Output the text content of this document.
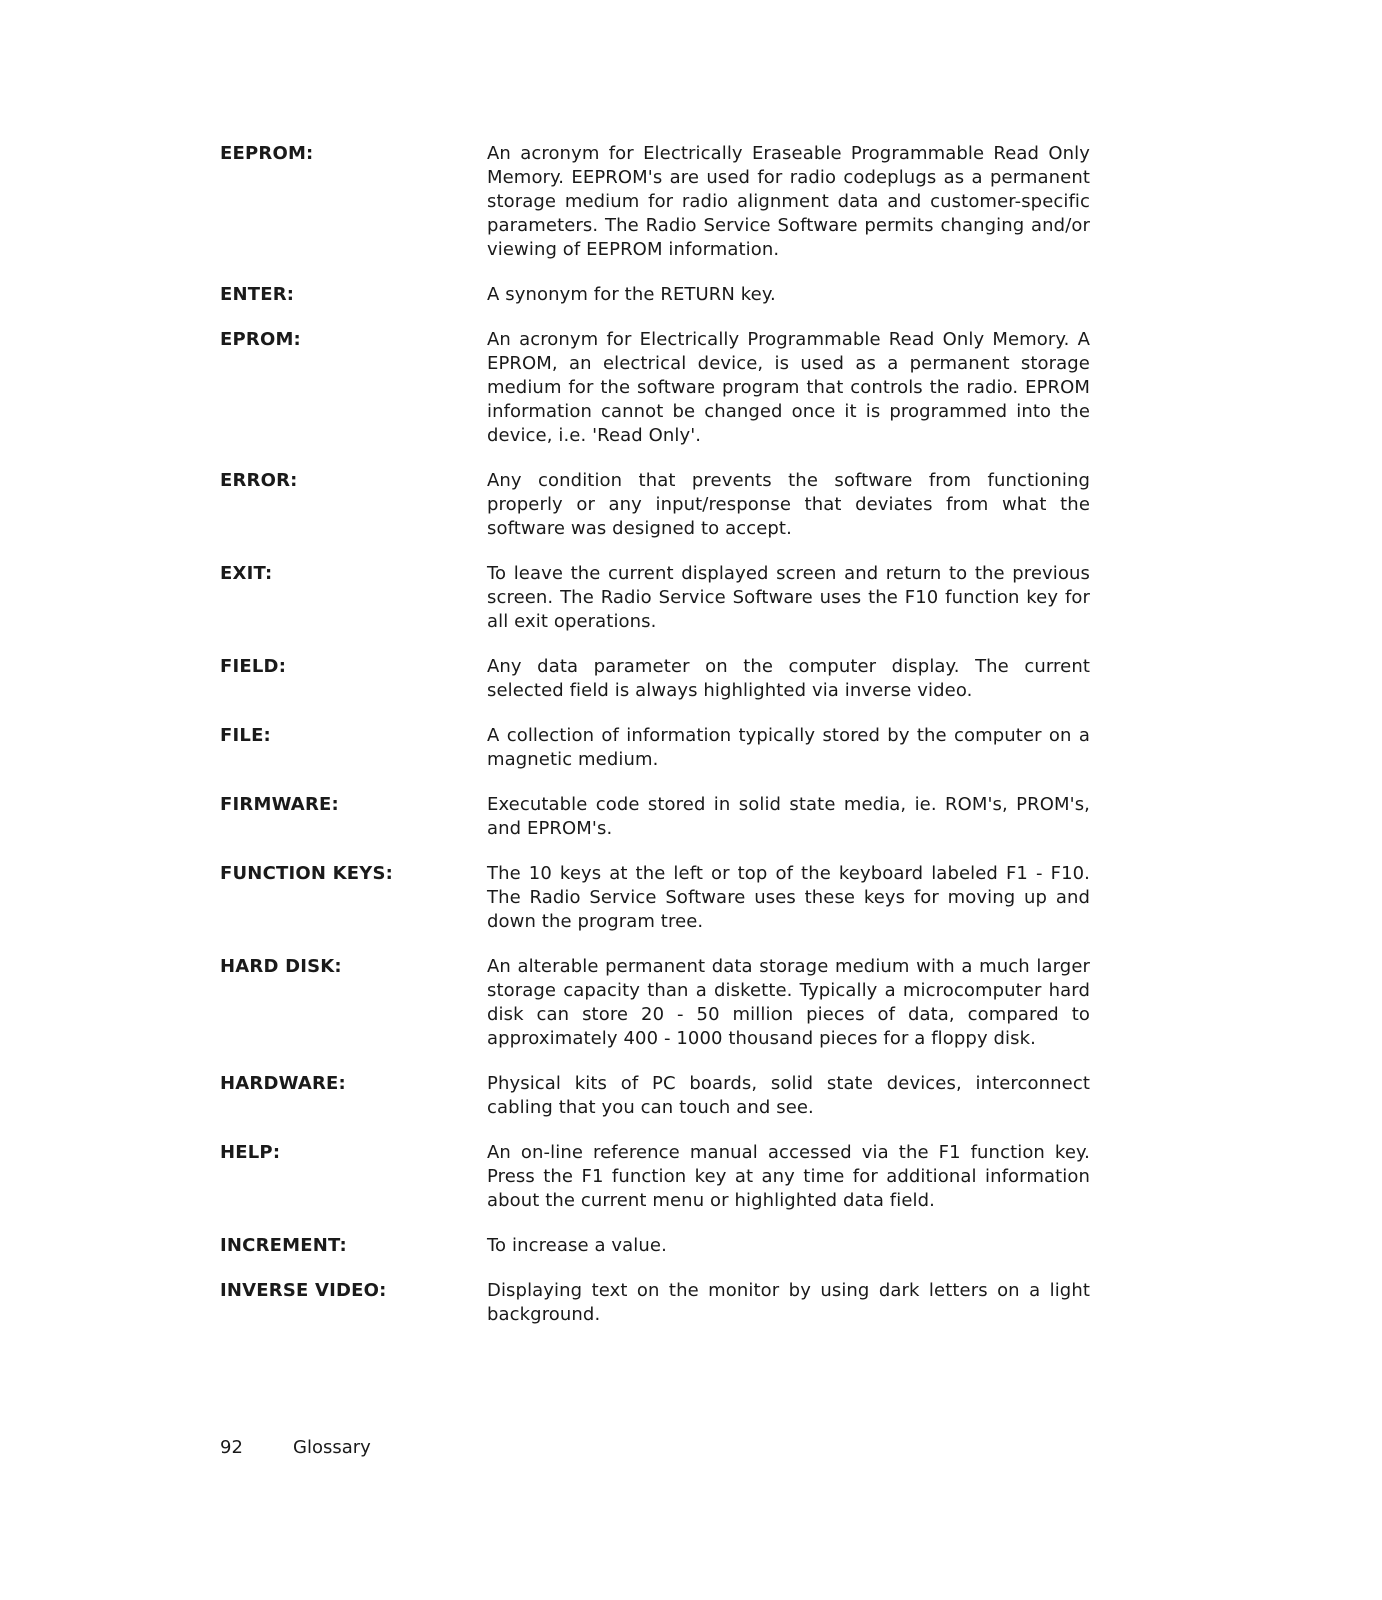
EEPROM:	An acronym for Electrically Eraseable Programmable Read Only Memory. EEPROM's are used for radio codeplugs as a permanent storage medium for radio alignment data and customer-specific parameters. The Radio Service Software permits changing and/or viewing of EEPROM information.
ENTER:	A synonym for the RETURN key.
EPROM:	An acronym for Electrically Programmable Read Only Memory. A EPROM, an electrical device, is used as a permanent storage medium for the software program that controls the radio. EPROM information cannot be changed once it is programmed into the device, i.e. 'Read Only'.
ERROR:	Any condition that prevents the software from functioning properly or any input/response that deviates from what the software was designed to accept.
EXIT:	To leave the current displayed screen and return to the previous screen. The Radio Service Software uses the F10 function key for all exit operations.
FIELD:	Any data parameter on the computer display. The current selected field is always highlighted via inverse video.
FILE:	A collection of information typically stored by the computer on a magnetic medium.
FIRMWARE:	Executable code stored in solid state media, ie. ROM's, PROM's, and EPROM's.
FUNCTION KEYS:	The 10 keys at the left or top of the keyboard labeled F1 - F10. The Radio Service Software uses these keys for moving up and down the program tree.
HARD DISK:	An alterable permanent data storage medium with a much larger storage capacity than a diskette. Typically a microcomputer hard disk can store 20 - 50 million pieces of data, compared to approximately 400 - 1000 thousand pieces for a floppy disk.
HARDWARE:	Physical kits of PC boards, solid state devices, interconnect cabling that you can touch and see.
HELP:	An on-line reference manual accessed via the F1 function key. Press the F1 function key at any time for additional information about the current menu or highlighted data field.
INCREMENT:	To increase a value.
INVERSE VIDEO:	Displaying text on the monitor by using dark letters on a light background.
92	Glossary
